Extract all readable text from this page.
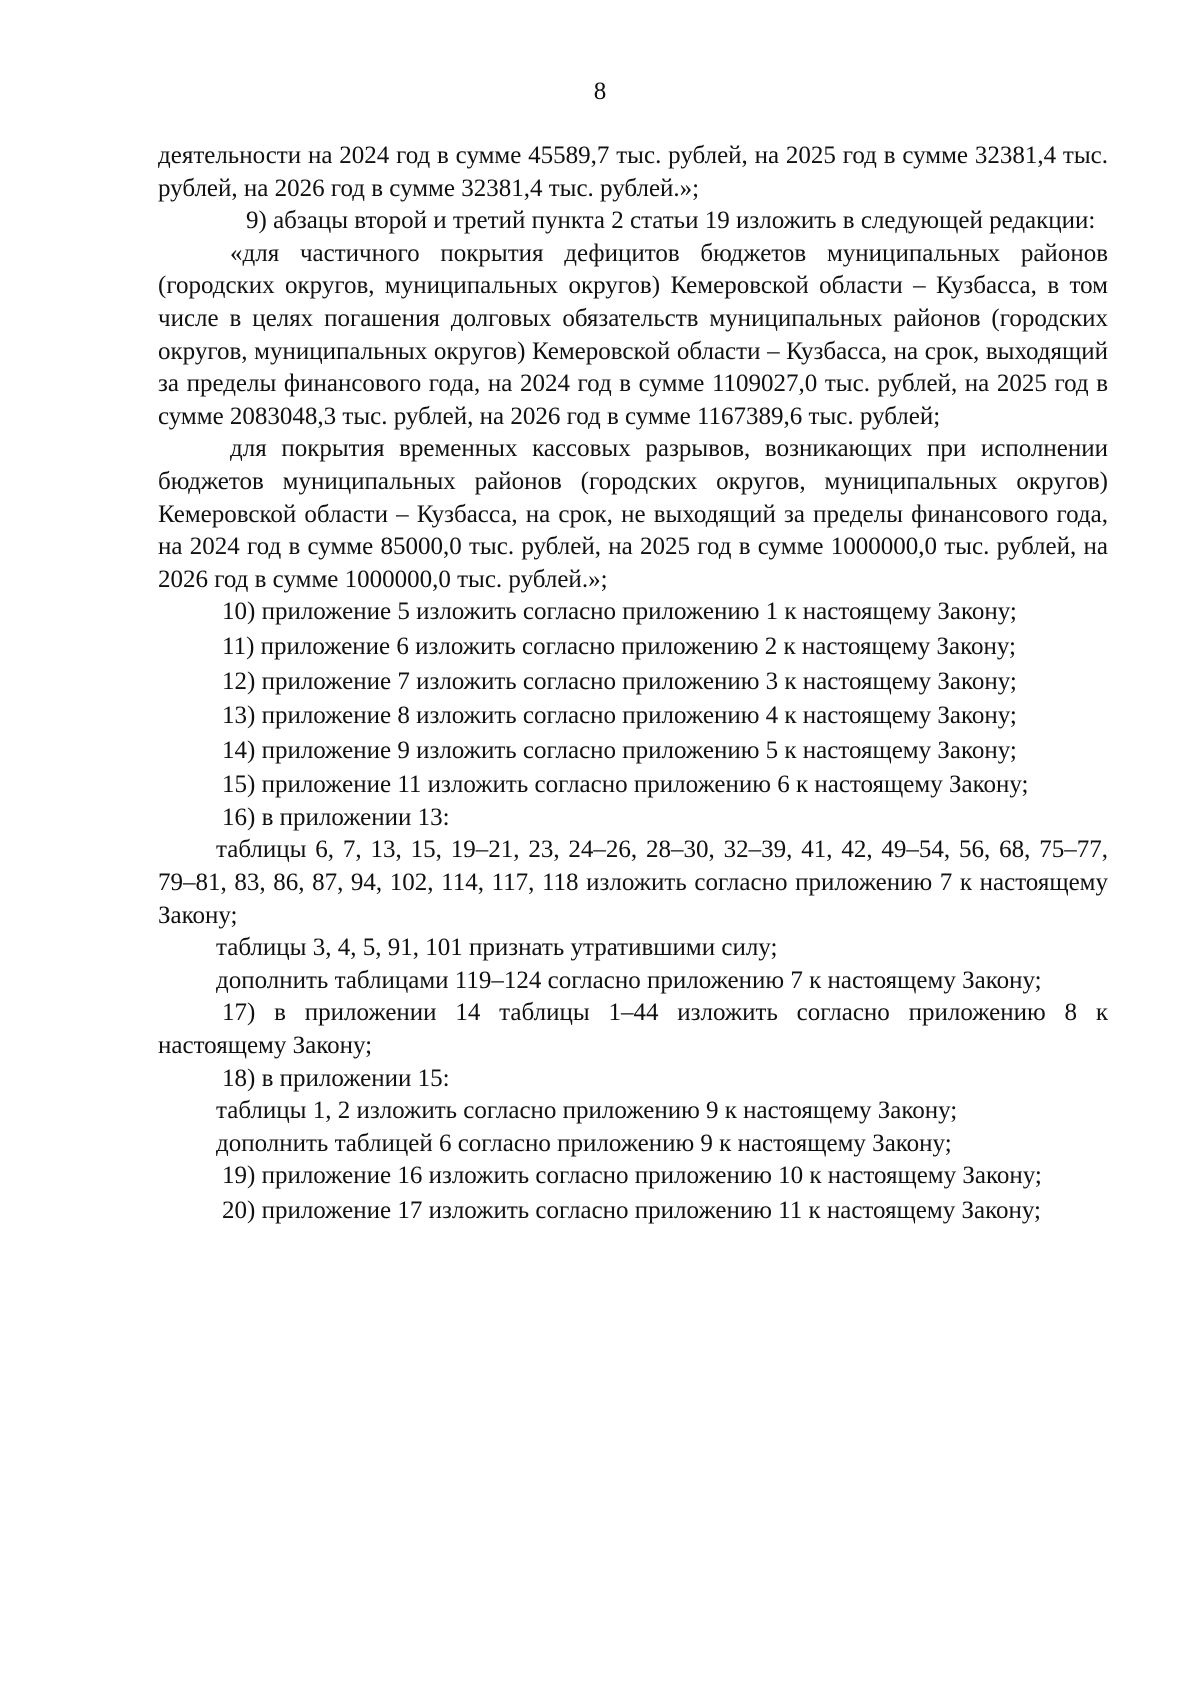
8

деятельности на 2024 год в сумме 45589,7 тыс. рублей, на 2025 год в сумме 32381,4 тыс. рублей, на 2026 год в сумме 32381,4 тыс. рублей.»;

9) абзацы второй и третий пункта 2 статьи 19 изложить в следующей редакции:

«для частичного покрытия дефицитов бюджетов муниципальных районов (городских округов, муниципальных округов) Кемеровской области – Кузбасса, в том числе в целях погашения долговых обязательств муниципальных районов (городских округов, муниципальных округов) Кемеровской области – Кузбасса, на срок, выходящий за пределы финансового года, на 2024 год в сумме 1109027,0 тыс. рублей, на 2025 год в сумме 2083048,3 тыс. рублей, на 2026 год в сумме 1167389,6 тыс. рублей;

для покрытия временных кассовых разрывов, возникающих при исполнении бюджетов муниципальных районов (городских округов, муниципальных округов) Кемеровской области – Кузбасса, на срок, не выходящий за пределы финансового года, на 2024 год в сумме 85000,0 тыс. рублей, на 2025 год в сумме 1000000,0 тыс. рублей, на 2026 год в сумме 1000000,0 тыс. рублей.»;

10) приложение 5 изложить согласно приложению 1 к настоящему Закону;

11) приложение 6 изложить согласно приложению 2 к настоящему Закону;

12) приложение 7 изложить согласно приложению 3 к настоящему Закону;

13) приложение 8 изложить согласно приложению 4 к настоящему Закону;

14) приложение 9 изложить согласно приложению 5 к настоящему Закону;

15) приложение 11 изложить согласно приложению 6 к настоящему Закону;

16) в приложении 13:

таблицы 6, 7, 13, 15, 19–21, 23, 24–26, 28–30, 32–39, 41, 42, 49–54, 56, 68, 75–77, 79–81, 83, 86, 87, 94, 102, 114, 117, 118 изложить согласно приложению 7 к настоящему Закону;

таблицы 3, 4, 5, 91, 101 признать утратившими силу;

дополнить таблицами 119–124 согласно приложению 7 к настоящему Закону;

17) в приложении 14 таблицы 1–44 изложить согласно приложению 8 к настоящему Закону;

18) в приложении 15:

таблицы 1, 2 изложить согласно приложению 9 к настоящему Закону;

дополнить таблицей 6 согласно приложению 9 к настоящему Закону;

19) приложение 16 изложить согласно приложению 10 к настоящему Закону;

20) приложение 17 изложить согласно приложению 11 к настоящему Закону;
